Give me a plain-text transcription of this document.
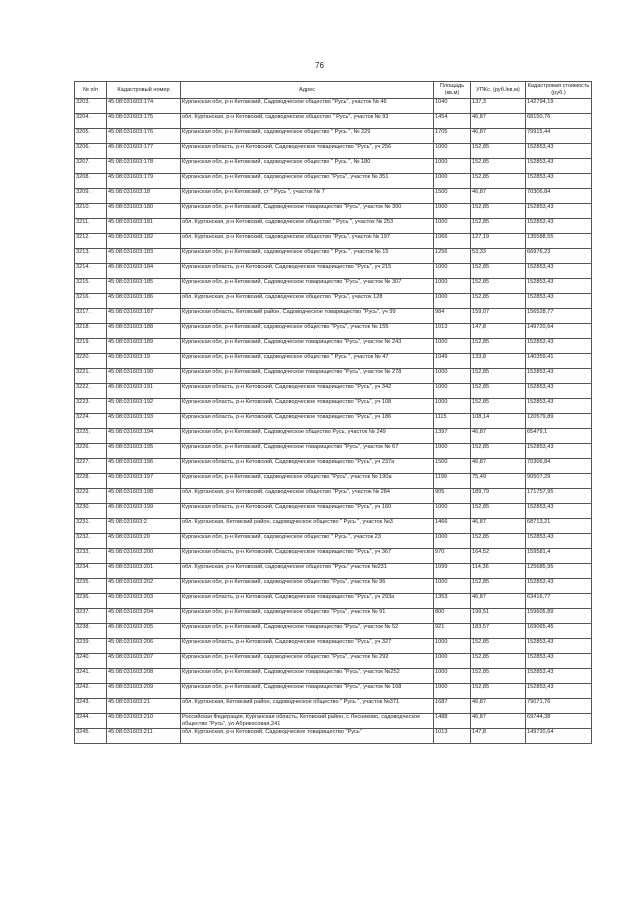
76
№ п/п	Кадастровый номер	Адрес	Площадь (кв.м)	УПКс. (руб./кв.м)	Кадастровая стоимость (руб.)
3203.	45:08:031603:174	Курганская обл, р-н Кетовский, Садоводческое общество "Русь", участок № 46	1040	137,3	142794,19
3204.	45:08:031603:175	обл. Курганская, р-н Кетовский, садоводческое общество " Русь", участок № 93	1454	46,87	68150,76
3205.	45:08:031603:176	Курганская обл, р-н Кетовский, садоводческое общество " Русь ", № 229	1705	46,87	79915,44
3206.	45:08:031603:177	Курганская область, р-н Кетовский, Садоводческое товарищество "Русь", уч 256	1000	152,85	152853,43
3207.	45:08:031603:178	Курганская обл, р-н Кетовский, садоводческое общество " Русь ", № 180	1000	152,85	152853,43
3208.	45:08:031603:179	Курганская обл, р-н Кетовский, садоводческое общество "Русь", участок № 351	1000	152,85	152853,43
3209.	45:08:031603:18	Курганская обл, р-н Кетовский, ст " Русь ", участок № 7	1500	46,87	70306,84
3210.	45:08:031603:180	Курганская обл, р-н Кетовский, Садоводческое товарищество "Русь", участок № 300	1000	152,85	152853,43
3211.	45:08:031603:181	обл. Курганская, р-н Кетовский, садоводческое общество " Русь ", участок № 253	1000	152,85	152853,43
3212.	45:08:031603:182	обл. Курганская, р-н Кетовский, садоводческое общество "Русь", участок № 197	1066	127,19	135588,55
3213.	45:08:031603:183	Курганская обл, р-н Кетовский, садоводческое общество " Русь ", участок № 15	1256	53,33	66976,23
3214.	45:08:031603:184	Курганская область, р-н Кетовский, Садоводческое товарищество "Русь", уч 215	1000	152,85	152853,43
3215.	45:08:031603:185	Курганская обл, р-н Кетовский, Садоводческое товарищество "Русь", участок № 307	1000	152,85	152853,43
3216.	45:08:031603:186	обл. Курганская, р-н Кетовский, садоводческое общество "Русь", участок 128	1000	152,85	152853,43
3217.	45:08:031603:187	Курганская область, Кетовский район, Садоводческое товарищество "Русь", уч 99	984	159,07	156528,77
3218.	45:08:031603:188	Курганская обл, р-н Кетовский, садоводческое общество "Русь", участок № 155	1013	147,8	149720,64
3219.	45:08:031603:189	Курганская обл, р-н Кетовский, Садоводческое товарищество "Русь", участок № 243	1000	152,85	152853,43
3220.	45:08:031603:19	Курганская обл, р-н Кетовский, садоводческое общество " Русь ", участок № 47	1049	133,8	140359,41
3221.	45:08:031603:190	Курганская обл, р-н Кетовский, Садоводческое товарищество "Русь", участок № 278	1000	152,85	152853,43
3222.	45:08:031603:191	Курганская область, р-н Кетовский, Садоводческое товарищество "Русь", уч 342	1000	152,85	152853,43
3223.	45:08:031603:192	Курганская область, р-н Кетовский, Садоводческое товарищество "Русь", уч 108	1000	152,85	152853,43
3224.	45:08:031603:193	Курганская область, р-н Кетовский, Садоводческое товарищество "Русь", уч 186	1115	108,14	120579,89
3225.	45:08:031603:194	Курганская обл, р-н Кетовский, Садоводческое общество Русь, участок № 249	1397	46,87	65479,1
3226.	45:08:031603:195	Курганская обл, р-н Кетовский, Садоводческое товарищество "Русь", участок № 67	1000	152,85	152853,43
3227.	45:08:031603:196	Курганская область, р-н Кетовский, Садоводческое товарищество "Русь", уч 237а	1500	46,87	70306,84
3228.	45:08:031603:197	Курганская обл, р-н Кетовский, садоводческое общество "Русь", участок № 190а	1199	75,49	90507,29
3229.	45:08:031603:198	обл. Курганская, р-н Кетовский, садоводческое общество "Русь", участок № 284	905	189,79	171757,95
3230.	45:08:031603:199	Курганская область, р-н Кетовский, Садоводческое товарищество "Русь", уч 160	1000	152,85	152853,43
3231.	45:08:031603:2	обл. Курганская, Кетовский район, садоводческое общество " Русь ", участок №3	1466	46,87	68713,21
3232.	45:08:031603:20	Курганская обл, р-н Кетовский, садоводческое общество " Русь ", участок 23	1000	152,85	152853,43
3233.	45:08:031603:200	Курганская область, р-н Кетовский, Садоводческое товарищество "Русь", уч 367	970	164,52	159581,4
3234.	45:08:031603:201	обл. Курганская, р-н Кетовский, садоводческое общество "Русь" участок №231	1099	114,36	125685,95
3235.	45:08:031603:202	Курганская обл, р-н Кетовский, садоводческое общество "Русь", участок № 96	1000	152,85	152853,43
3236.	45:08:031603:203	Курганская область, р-н Кетовский, Садоводческое товарищество "Русь", уч 293а	1353	46,87	63416,77
3237.	45:08:031603:204	Курганская обл, р-н Кетовский, садоводческое общество "Русь", участок № 91	800	199,51	159605,89
3238.	45:08:031603:205	Курганская обл, р-н Кетовский, Садоводческое товарищество "Русь", участок № 52	921	183,57	169065,45
3239.	45:08:031603:206	Курганская область, р-н Кетовский, Садоводческое товарищество "Русь", уч 327	1000	152,85	152853,43
3240.	45:08:031603:207	Курганская обл, р-н Кетовский, садоводческое общество "Русь", участок № 292	1000	152,85	152853,43
3241.	45:08:031603:208	Курганская обл, р-н Кетовский, Садоводческое товарищество "Русь", участок №252	1000	152,85	152853,43
3242.	45:08:031603:209	Курганская обл, р-н Кетовский, Садоводческое товарищество "Русь", участок № 168	1000	152,85	152853,43
3243.	45:08:031603:21	обл. Курганская, Кетовский район, садоводческое общество " Русь ", участок №371	1687	46,87	79071,76
3244.	45:08:031603:210	Российская Федерация, Курганская область, Кетовский район, с Лесниково, садоводческое общество "Русь", ул.Абрикосовая,241	1488	46,87	69744,38
3245.	45:08:031603:211	обл. Курганская, р-н Кетовский, Садоводческое товарищество "Русь"	1013	147,8	149720,64
